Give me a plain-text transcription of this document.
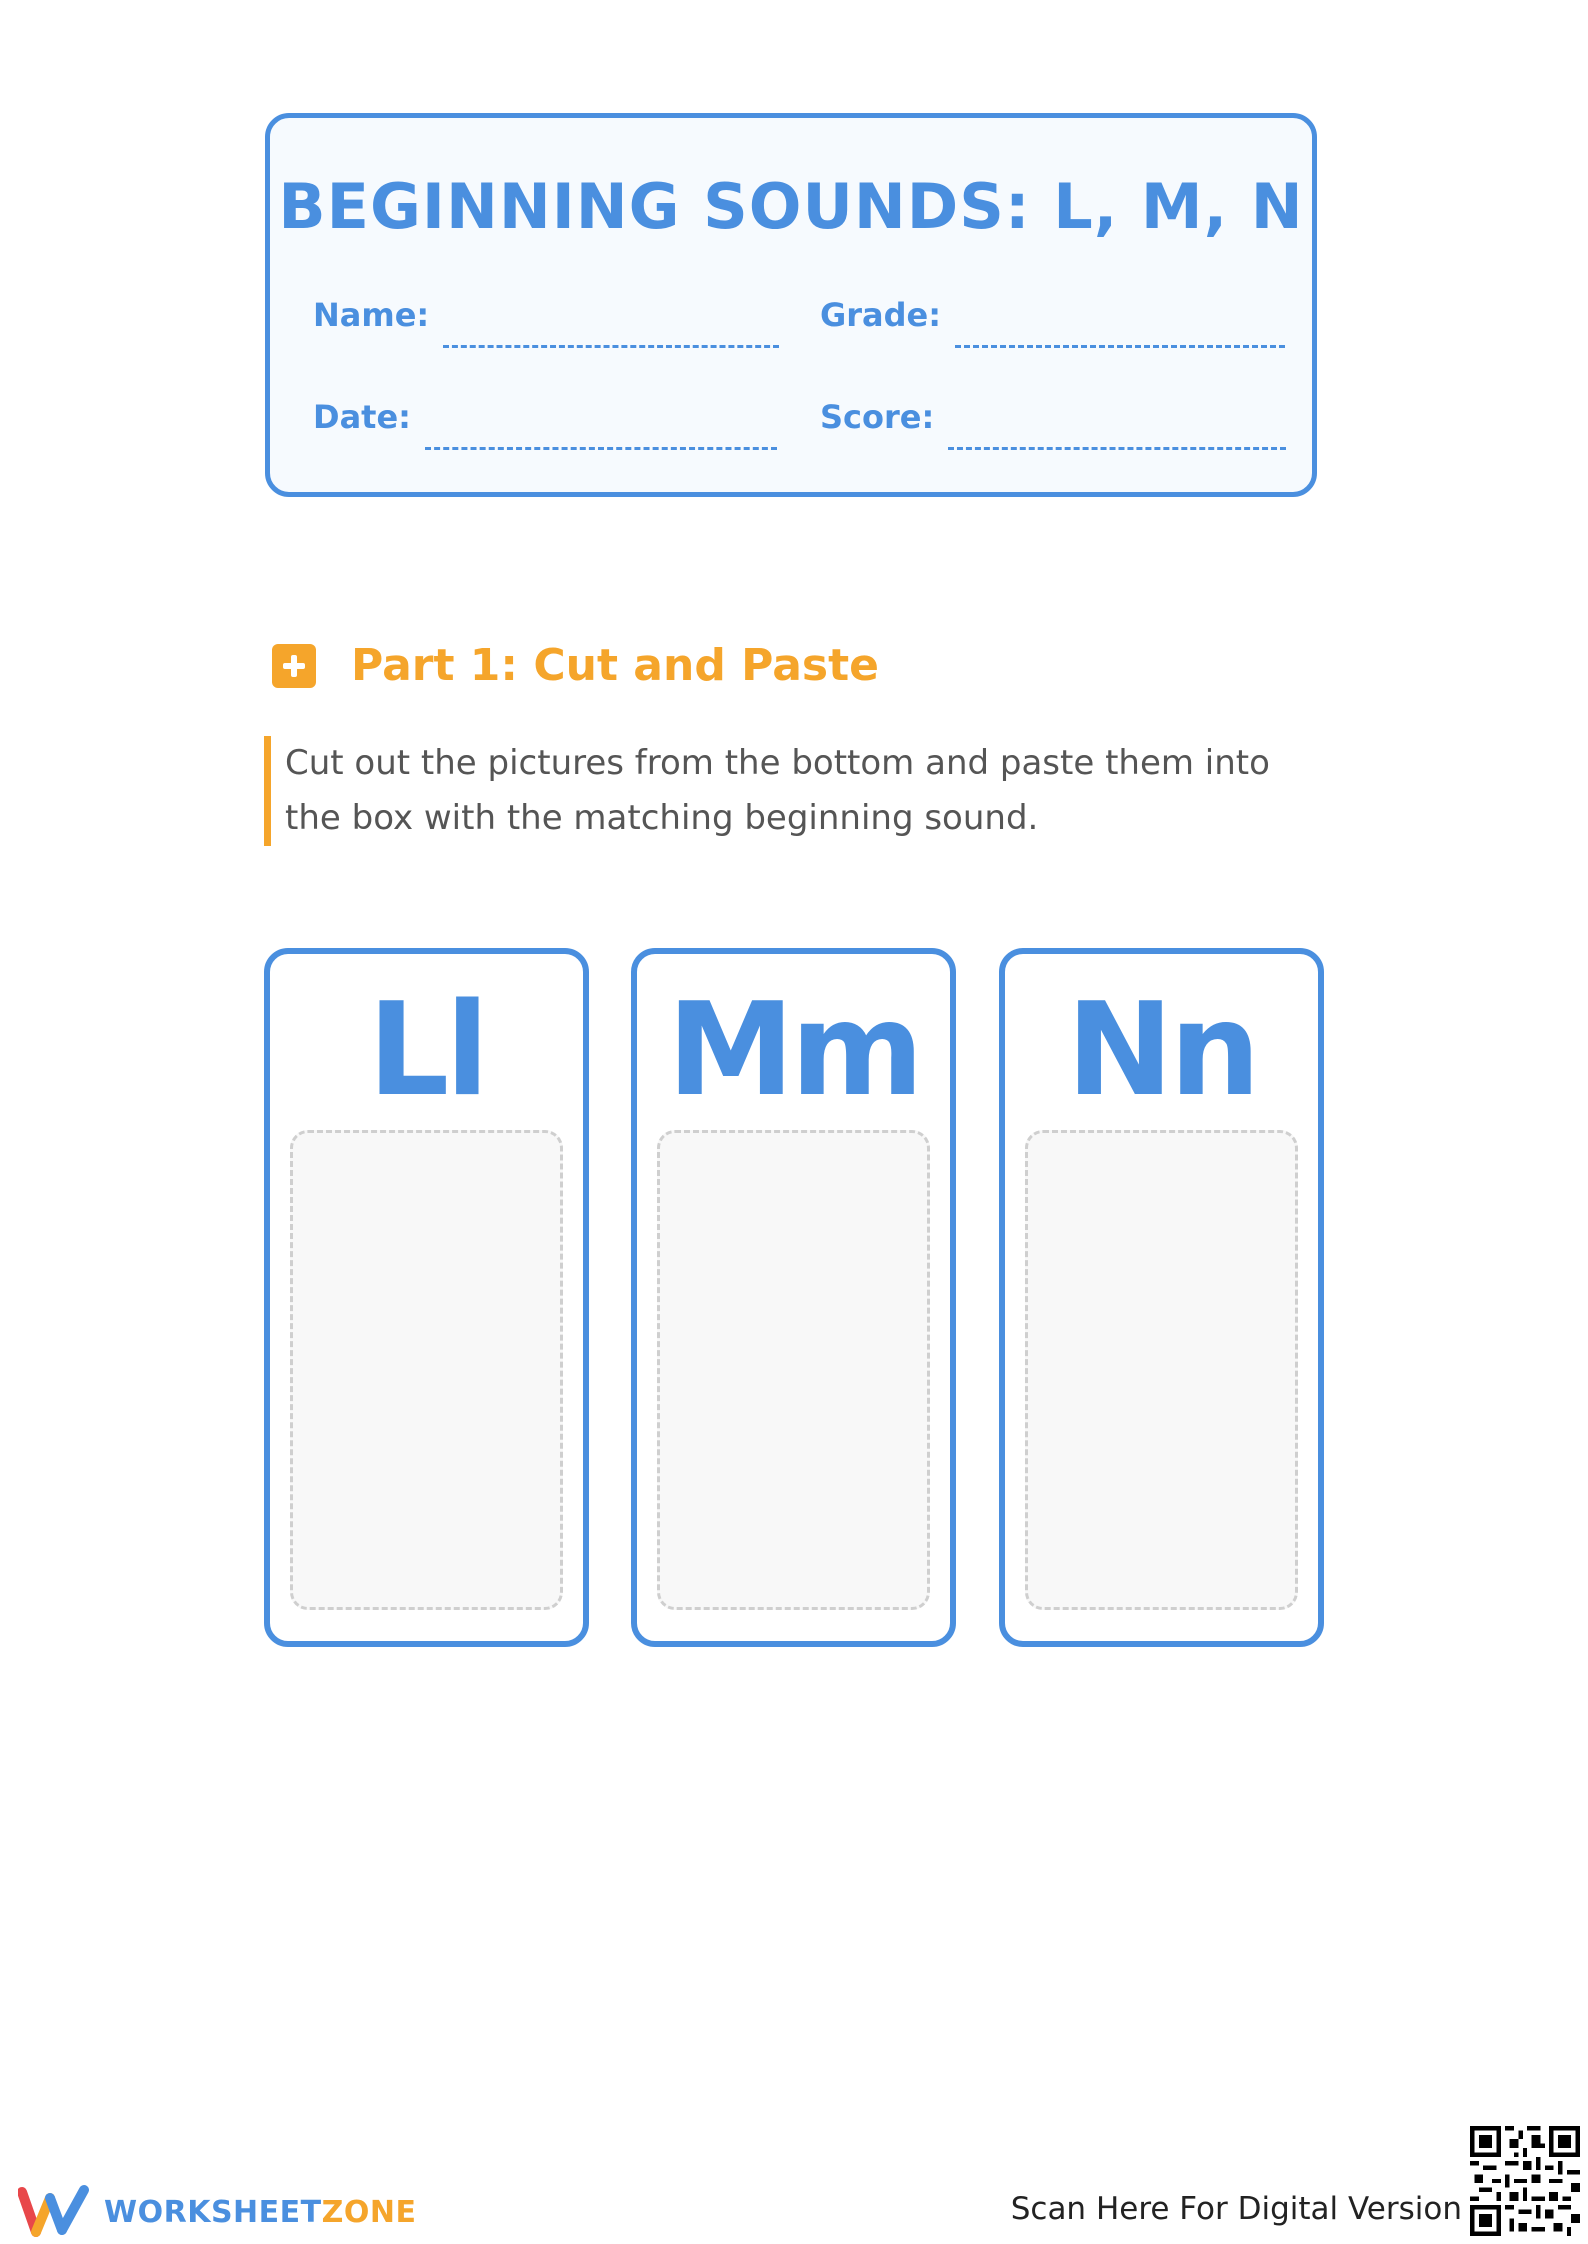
BEGINNING SOUNDS: L, M, N
Name:	Grade:
Date:	Score:
Part 1: Cut and Paste
Cut out the pictures from the bottom and paste them into the box with the matching beginning sound.
Ll	Mm	Nn
WORKSHEETZONE	Scan Here For Digital Version
